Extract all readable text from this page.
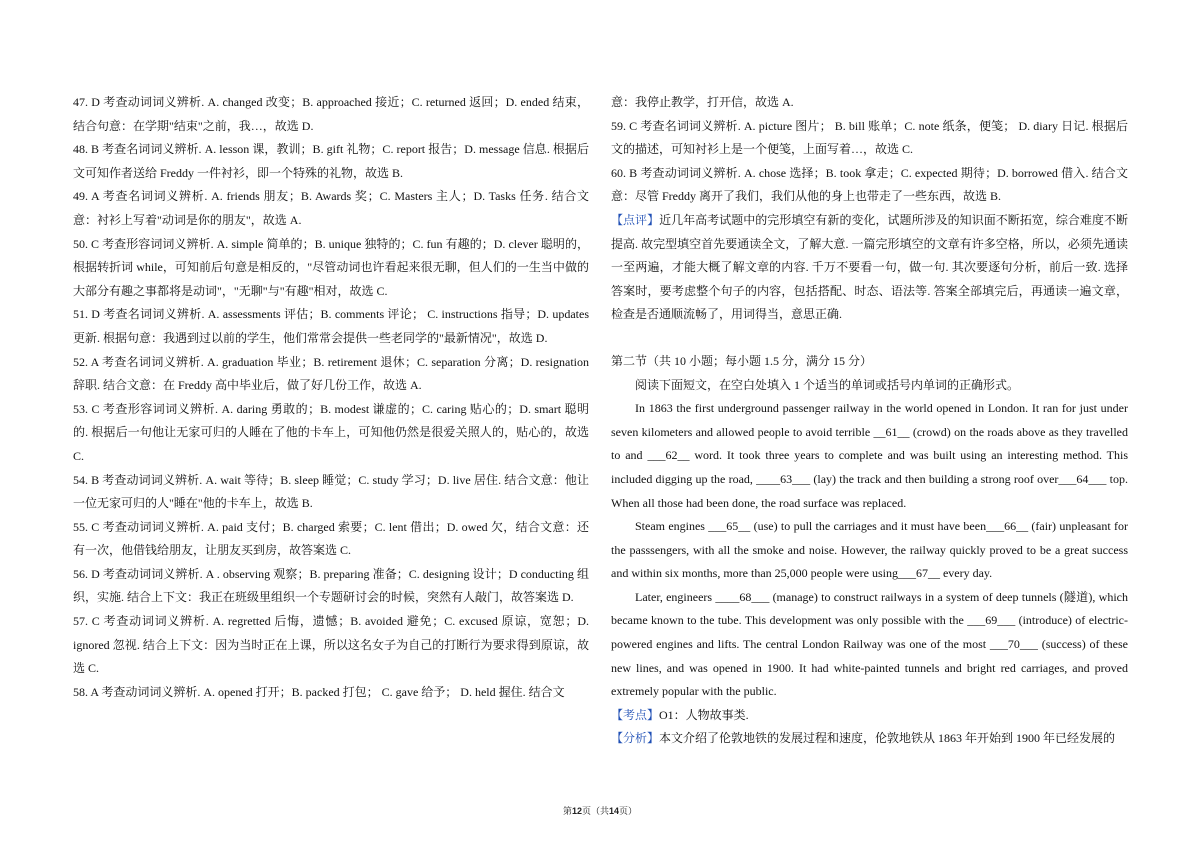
47. D 考查动词词义辨析. A. changed 改变；B. approached 接近；C. returned 返回；D. ended 结束，结合句意：在学期"结束"之前，我…，故选 D.

48. B 考查名词词义辨析. A. lesson 课，教训；B. gift 礼物；C. report 报告；D. message 信息. 根据后文可知作者送给 Freddy 一件衬衫，即一个特殊的礼物，故选 B.

49. A 考查名词词义辨析. A. friends 朋友；B. Awards 奖；C. Masters 主人；D. Tasks 任务. 结合文意：衬衫上写着"动词是你的朋友"，故选 A.

50. C 考查形容词词义辨析. A. simple 简单的；B. unique 独特的；C. fun 有趣的；D. clever 聪明的，根据转折词 while，可知前后句意是相反的，"尽管动词也许看起来很无聊，但人们的一生当中做的大部分有趣之事都将是动词"，"无聊"与"有趣"相对，故选 C.

51. D 考查名词词义辨析. A. assessments 评估；B. comments 评论； C. instructions 指导；D. updates 更新. 根据句意：我遇到过以前的学生，他们常常会提供一些老同学的"最新情况"，故选 D.

52. A 考查名词词义辨析. A. graduation 毕业；B. retirement 退休；C. separation 分离；D. resignation 辞职. 结合文意：在 Freddy 高中毕业后，做了好几份工作，故选 A.

53. C 考查形容词词义辨析. A. daring 勇敢的；B. modest 谦虚的；C. caring 贴心的；D. smart 聪明的. 根据后一句他让无家可归的人睡在了他的卡车上，可知他仍然是很爱关照人的，贴心的，故选 C.

54. B 考查动词词义辨析. A. wait 等待；B. sleep 睡觉；C. study 学习；D. live 居住. 结合文意：他让一位无家可归的人"睡在"他的卡车上，故选 B.

55. C 考查动词词义辨析. A. paid 支付；B. charged 索要；C. lent 借出；D. owed 欠，结合文意：还有一次，他借钱给朋友，让朋友买到房，故答案选 C.

56. D 考查动词词义辨析. A . observing 观察；B. preparing 准备；C. designing 设计；D conducting 组织，实施. 结合上下文：我正在班级里组织一个专题研讨会的时候，突然有人敲门，故答案选 D.

57. C 考查动词词义辨析. A. regretted 后悔，遗憾；B. avoided 避免；C. excused 原谅，宽恕；D. ignored 忽视. 结合上下文：因为当时正在上课，所以这名女子为自己的打断行为要求得到原谅，故选 C.

58. A 考查动词词义辨析. A. opened 打开；B. packed 打包； C. gave 给予； D. held 握住. 结合文

意：我停止教学，打开信，故选 A.

59. C 考查名词词义辨析. A. picture 图片； B. bill 账单；C. note 纸条，便笺； D. diary 日记. 根据后文的描述，可知衬衫上是一个便笺，上面写着…，故选 C.

60. B 考查动词词义辨析. A. chose 选择；B. took 拿走；C. expected 期待；D. borrowed 借入. 结合文意：尽管 Freddy 离开了我们，我们从他的身上也带走了一些东西，故选 B.

【点评】近几年高考试题中的完形填空有新的变化，试题所涉及的知识面不断拓宽，综合难度不断提高. 故完型填空首先要通读全文，了解大意. 一篇完形填空的文章有许多空格，所以，必须先通读一至两遍，才能大概了解文章的内容. 千万不要看一句，做一句. 其次要逐句分析，前后一致. 选择答案时，要考虑整个句子的内容，包括搭配、时态、语法等. 答案全部填完后，再通读一遍文章，检查是否通顺流畅了，用词得当，意思正确.

第二节（共 10 小题；每小题 1.5 分，满分 15 分）

阅读下面短文，在空白处填入 1 个适当的单词或括号内单词的正确形式。

In 1863 the first underground passenger railway in the world opened in London. It ran for just under seven kilometers and allowed people to avoid terrible __61__ (crowd) on the roads above as they travelled to and ___62__ word. It took three years to complete and was built using an interesting method. This included digging up the road, ____63___ (lay) the track and then building a strong roof over___64___ top. When all those had been done, the road surface was replaced.

Steam engines ___65__ (use) to pull the carriages and it must have been___66__ (fair) unpleasant for the passsengers, with all the smoke and noise. However, the railway quickly proved to be a great success and within six months, more than 25,000 people were using___67__ every day.

Later, engineers ____68___ (manage) to construct railways in a system of deep tunnels (隧道), which became known to the tube. This development was only possible with the ___69___ (introduce) of electric-powered engines and lifts. The central London Railway was one of the most ___70___ (success) of these new lines, and was opened in 1900. It had white-painted tunnels and bright red carriages, and proved extremely popular with the public.

【考点】O1：人物故事类.

【分析】本文介绍了伦敦地铁的发展过程和速度，伦敦地铁从 1863 年开始到 1900 年已经发展的

第12页（共14页）
